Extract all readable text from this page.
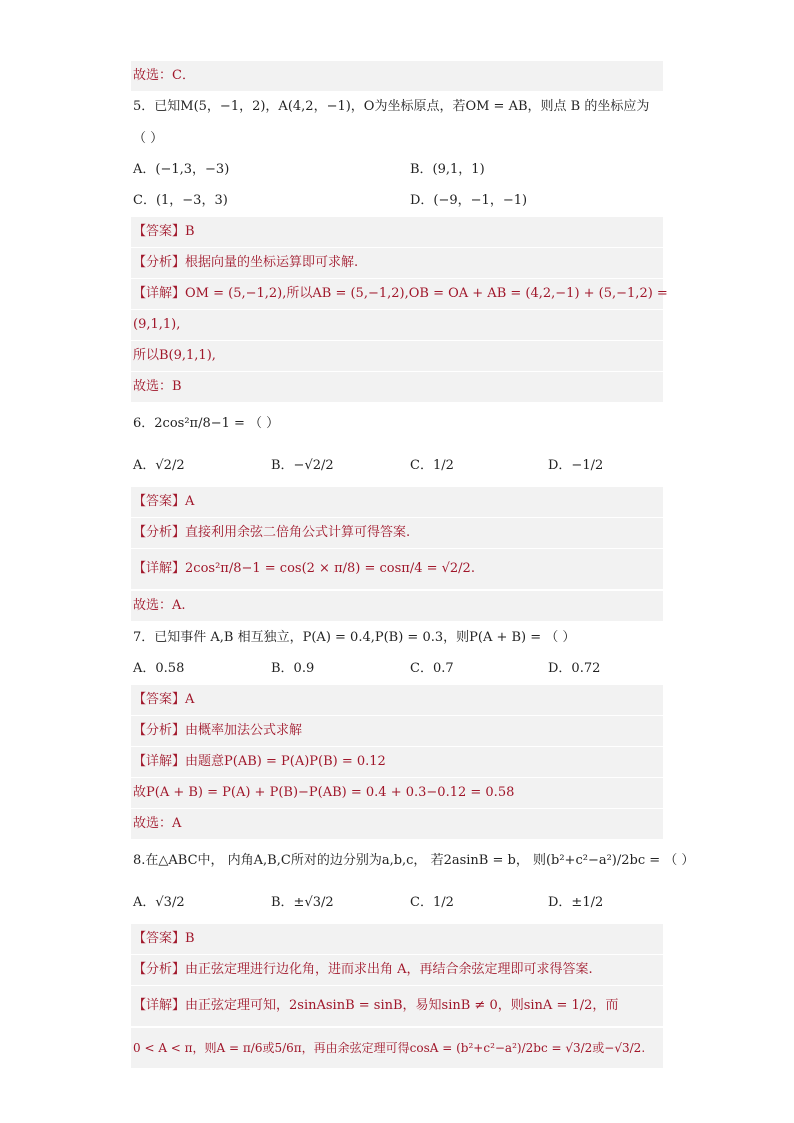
故选：C．
5．已知M(5，−1，2)，A(4,2，−1)，O为坐标原点，若OM = AB，则点 B 的坐标应为
（ ）
A．(−1,3，−3)	B．(9,1，1)
C．(1，−3，3)	D．(−9，−1，−1)
【答案】B
【分析】根据向量的坐标运算即可求解.
【详解】OM = (5,−1,2),所以AB = (5,−1,2),OB = OA + AB = (4,2,−1) + (5,−1,2) =
(9,1,1),
所以B(9,1,1),
故选：B
6．2cos²π/8−1 = （ ）
A．√2/2	B．−√2/2	C．1/2	D．−1/2
【答案】A
【分析】直接利用余弦二倍角公式计算可得答案.
【详解】2cos²π/8−1 = cos(2 × π/8) = cosπ/4 = √2/2.
故选：A.
7．已知事件 A,B 相互独立，P(A) = 0.4,P(B) = 0.3，则P(A + B) = （ ）
A．0.58	B．0.9	C．0.7	D．0.72
【答案】A
【分析】由概率加法公式求解
【详解】由题意P(AB) = P(A)P(B) = 0.12
故P(A + B) = P(A) + P(B)−P(AB) = 0.4 + 0.3−0.12 = 0.58
故选：A
8.在△ABC中， 内角A,B,C所对的边分别为a,b,c， 若2asinB = b， 则(b²+c²−a²)/2bc = （ ）
A．√3/2	B．±√3/2	C．1/2	D．±1/2
【答案】B
【分析】由正弦定理进行边化角，进而求出角 A，再结合余弦定理即可求得答案.
【详解】由正弦定理可知，2sinAsinB = sinB，易知sinB ≠ 0，则sinA = 1/2，而
0 < A < π，则A = π/6或5/6π，再由余弦定理可得cosA = (b²+c²−a²)/2bc = √3/2或−√3/2.
